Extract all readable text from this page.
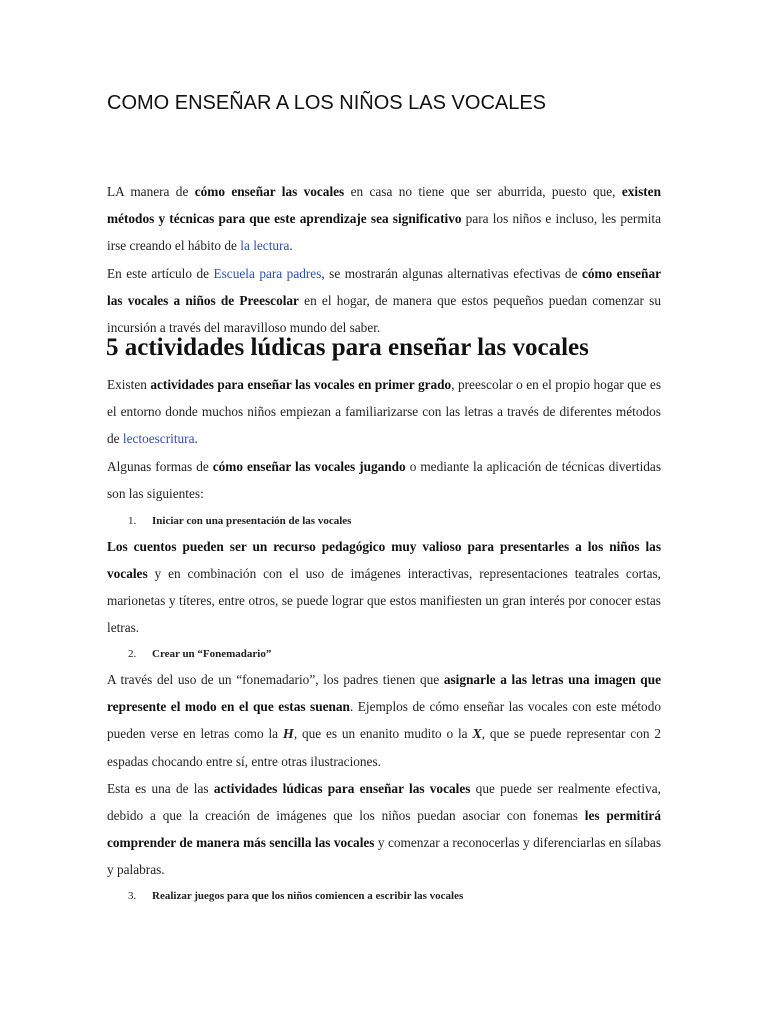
COMO ENSEÑAR A LOS NIÑOS LAS VOCALES

LA manera de cómo enseñar las vocales en casa no tiene que ser aburrida, puesto que, existen métodos y técnicas para que este aprendizaje sea significativo para los niños e incluso, les permita irse creando el hábito de la lectura.

En este artículo de Escuela para padres, se mostrarán algunas alternativas efectivas de cómo enseñar las vocales a niños de Preescolar en el hogar, de manera que estos pequeños puedan comenzar su incursión a través del maravilloso mundo del saber.

5 actividades lúdicas para enseñar las vocales

Existen actividades para enseñar las vocales en primer grado, preescolar o en el propio hogar que es el entorno donde muchos niños empiezan a familiarizarse con las letras a través de diferentes métodos de lectoescritura.

Algunas formas de cómo enseñar las vocales jugando o mediante la aplicación de técnicas divertidas son las siguientes:

1. Iniciar con una presentación de las vocales

Los cuentos pueden ser un recurso pedagógico muy valioso para presentarles a los niños las vocales y en combinación con el uso de imágenes interactivas, representaciones teatrales cortas, marionetas y títeres, entre otros, se puede lograr que estos manifiesten un gran interés por conocer estas letras.

2. Crear un “Fonemadario”

A través del uso de un “fonemadario”, los padres tienen que asignarle a las letras una imagen que represente el modo en el que estas suenan. Ejemplos de cómo enseñar las vocales con este método pueden verse en letras como la H, que es un enanito mudito o la X, que se puede representar con 2 espadas chocando entre sí, entre otras ilustraciones.

Esta es una de las actividades lúdicas para enseñar las vocales que puede ser realmente efectiva, debido a que la creación de imágenes que los niños puedan asociar con fonemas les permitirá comprender de manera más sencilla las vocales y comenzar a reconocerlas y diferenciarlas en sílabas y palabras.

3. Realizar juegos para que los niños comiencen a escribir las vocales
